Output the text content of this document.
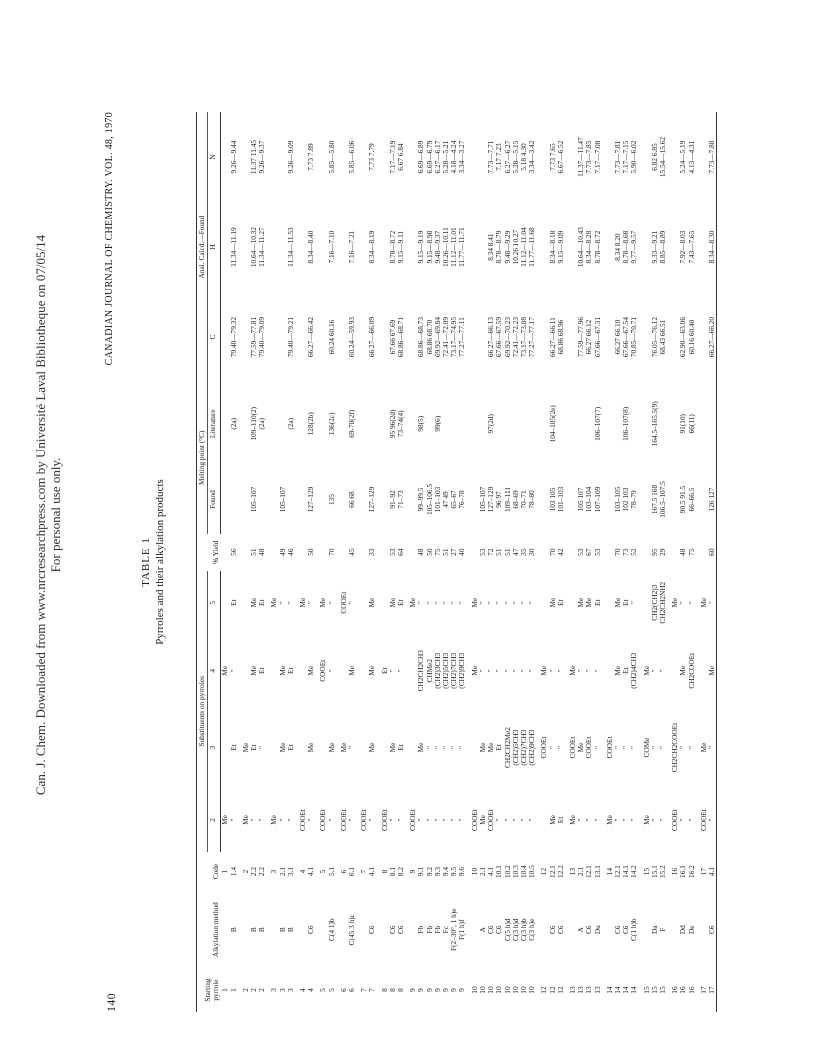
Can. J. Chem. Downloaded from www.nrcresearchpress.com by Université Laval Bibliotheque on 07/05/14 For personal use only.
140
CANADIAN JOURNAL OF CHEMISTRY. VOL. 48, 1970
TABLE 1 Pyrroles and their alkylation products
Starting pyrrole	Alkylation method	Code	Substituents on pyrroles				% Yield	Melting point (°C)		Anal. Calcd.—Found		
			2	3	4	5		Found	Literature	C	H	N

1		1	Me		Me							
1	B	1.4	"	Et	"	Et	56		(2a)	79.40—79.32	11.34—11.19	9.26—9.44

2		2	Me	Me								
2	B	2.2	"	Et	Me	Me	51	105–107	109–110(2)	77.59—77.81	10.64—10.32	11.37 11.45
2	B	2.2	"	"	Et	Et	48		(2a)	79.40—79.09	11.34—11.27	9.26—9.37

3		3	Me			Me						
3	B	2.1	"	Me	Me	"	49	105–107				
3	B	3.1	"	Et	Et	"	46		(2a)	79.40—79.21	11.34—11.53	9.26—9.09

4		4	COOEt			Me						
4	C6	4.1	"	Me	Me	"	50	127–129	128(2b)	66.27—66.42	8.34—8.40	7.73 7.89

5		5	COOEt		COOEt	Me						
5	C(4 1)b	5.1	"	Me	"	"	70	135	136(2c)	60.24 60.16	7.16—7.10	5.85—5.80

6		6	COOEt	Me		COOEt						
6	C(45 3 h)c	6.1	"	"	Me	"	45	66 68	69-70(2f)	60.24—59.93	7.16—7.21	5.85—6.06

7		7	COOEt									
7	C6	4.1	"	Me	Me	Me	33	127–129		66.27—66.09	8.34—8.19	7.73 7.79

8		8	COOEt		Et							
8	C6	8.1	"	Me	"	Me	53	91–92	95 96(2d)	67.66 67.69	8.78—8.72	7.17—7.19
8	C6	8.2	"	Et	"	Et	64	71–73	73–74(4)	68.86—68.71	9.15—9.11	6.67 6.84

9		9	COOEt			Me						
9	Fb	9.1	"	Me	CH2CH2CH3	"	48	99–99.5	98(5)	68.86—68.73	9.15—9.19	6.69—6.89
9	Fb	9.2	"	"	CHMe2	"	50	105–106.5		68.86 68.70	9.15—8.98	6.69—6.79
9	Fb	9.3	"	"	(CH2)3CH3	"	75	101–103	99(6)	69.92—69.84	9.48—9.37	6.27—6.17
9	Fc	9.4	"	"	(CH2)5CH3	"	51	47 49		72.41—72.09	10.26—10.11	5.28—5.21
9	F(2–30°, 1 h)e	9.5	"	"	(CH2)7CH3	"	27	65–67		73.17—74.95	11.12—11.01	4.18—4.24
9	F(1 h)f	9.6	"	"	(CH2)9CH3	"	40	76–78		77.27—77.11	11.77—11.71	3.34—3.27

10		10	COOEt		Me	Me						
10	A	2.1	Me	Me	"	"	53	105–107				
10	C6	4.1	COOEt	Me	"	"	72	127–129	97(2d)	66.27—66.13	8.34 8.41	7.73—7.71
10	C6	10.1	"	Et	"	"	51	96 97		67.66—67.59	8.78—8.79	7.17 7.23
10	C(5 h)d	10.2	"	CH2CH2Me2	"	"	51	109–111		69.92—70.23	9.48—9.29	6.27—6.27
10	C(3 h)d	10.3	"	(CH2)5CH3	"	"	47	68–69		72.41—72.23	10.26 10.27	5.28—5.15
10	C(3 h)b	10.4	"	(CH2)7CH3	"	"	35	70–71		73.17—73.08	11.12—11.04	5.18 4.30
10	C(3 h)e	10.5	"	(CH2)9CH3	"	"	30	78–80		77.27—77.17	11.77—11.68	3.34—3.42

12		12		COOEt	Me							
12	C6	12.1	Me	"	"	Me	70	103 105	104–105(2e)	66.27—66.11	8.34—8.18	7.73 7.65
12	C6	12.2	Et	"	"	Et	42	101–103		68.86 68.96	9.15—9.09	6.67—6.52

13		13	Me	COOEt	Me							
13	A	2.1	"	Me	"	Me	53	105 107		77.59—77.96	10.64—10.43	11.37—11.47
13	C6	12.1	"	COOEt	"	Me	67	103–104		66.27 66.12	8.34—8.28	7.73—7.85
13	Du	13.1	"	"	"	Et	53	107–109	106–107(7)	67.66—67.31	8.78—8.72	7.17—7.08

14		14	Me	COOEt								
14	C6	12.1	"	"	Me	Me	70	103–105		66.27 66.10	8.34 8.20	7.73—7.81
14	C6	14.1	"	"	Et	Et	73	102 103	106–107(8)	67.66—67.54	8.78—8.68	7.17—7.15
14	C(1 h)b	14.2	"	"	(CH2)4CH3	"	52	78–79		70.85—70.71	9.77—9.57	5.90—6.02

15		15	Me	COMe	Me							
15	Da	15.1	"	"	"	CH2(CH2)3	95	167.5 168	164.5–165.5(9)	76.05—76.12	9.33—9.21	6.82 6.85
15	F	15.2	"	"	"	CH2CH2NH2	29	106.5–107.5		68.43 66.51	8.85—8.89	15.54—15.62

16		16	COOEt	CH2CH2COOEt		Me						
16	Dd	16.1	"	"	Me	"	48	90.5 91.5	91(10)	62.90—63.06	7.92—8.03	5.24—5.19
16	De	16.2	"	"	CH2COOEt	"	75	66–66.5	66(11)	60.16 60.40	7.43—7.65	4.13—4.31

17		17	COOEt	Me		Me						
17	C6	4.1	"	"	Me	"	60	126 127		66.27—66.20	8.34—8.30	7.73—7.88
